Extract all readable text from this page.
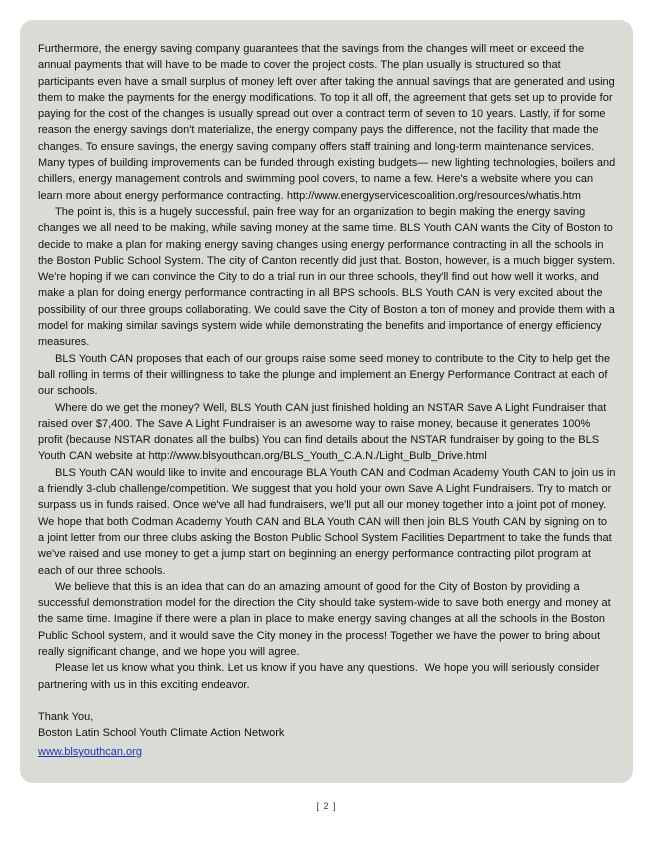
Furthermore, the energy saving company guarantees that the savings from the changes will meet or exceed the annual payments that will have to be made to cover the project costs. The plan usually is structured so that participants even have a small surplus of money left over after taking the annual savings that are generated and using them to make the payments for the energy modifications. To top it all off, the agreement that gets set up to provide for paying for the cost of the changes is usually spread out over a contract term of seven to 10 years. Lastly, if for some reason the energy savings don't materialize, the energy company pays the difference, not the facility that made the changes. To ensure savings, the energy saving company offers staff training and long-term maintenance services. Many types of building improvements can be funded through existing budgets— new lighting technologies, boilers and chillers, energy management controls and swimming pool covers, to name a few. Here's a website where you can learn more about energy performance contracting. http://www.energyservicescoalition.org/resources/whatis.htm

The point is, this is a hugely successful, pain free way for an organization to begin making the energy saving changes we all need to be making, while saving money at the same time. BLS Youth CAN wants the City of Boston to decide to make a plan for making energy saving changes using energy performance contracting in all the schools in the Boston Public School System. The city of Canton recently did just that. Boston, however, is a much bigger system. We're hoping if we can convince the City to do a trial run in our three schools, they'll find out how well it works, and make a plan for doing energy performance contracting in all BPS schools. BLS Youth CAN is very excited about the possibility of our three groups collaborating. We could save the City of Boston a ton of money and provide them with a model for making similar savings system wide while demonstrating the benefits and importance of energy efficiency measures.

BLS Youth CAN proposes that each of our groups raise some seed money to contribute to the City to help get the ball rolling in terms of their willingness to take the plunge and implement an Energy Performance Contract at each of our schools.

Where do we get the money? Well, BLS Youth CAN just finished holding an NSTAR Save A Light Fundraiser that raised over $7,400. The Save A Light Fundraiser is an awesome way to raise money, because it generates 100% profit (because NSTAR donates all the bulbs) You can find details about the NSTAR fundraiser by going to the BLS Youth CAN website at http://www.blsyouthcan.org/BLS_Youth_C.A.N./Light_Bulb_Drive.html

BLS Youth CAN would like to invite and encourage BLA Youth CAN and Codman Academy Youth CAN to join us in a friendly 3-club challenge/competition. We suggest that you hold your own Save A Light Fundraisers. Try to match or surpass us in funds raised. Once we've all had fundraisers, we'll put all our money together into a joint pot of money. We hope that both Codman Academy Youth CAN and BLA Youth CAN will then join BLS Youth CAN by signing on to a joint letter from our three clubs asking the Boston Public School System Facilities Department to take the funds that we've raised and use money to get a jump start on beginning an energy performance contracting pilot program at each of our three schools.

We believe that this is an idea that can do an amazing amount of good for the City of Boston by providing a successful demonstration model for the direction the City should take system-wide to save both energy and money at the same time. Imagine if there were a plan in place to make energy saving changes at all the schools in the Boston Public School system, and it would save the City money in the process! Together we have the power to bring about really significant change, and we hope you will agree.

Please let us know what you think. Let us know if you have any questions.  We hope you will seriously consider partnering with us in this exciting endeavor.

Thank You,

Boston Latin School Youth Climate Action Network

www.blsyouthcan.org
[ 2 ]
